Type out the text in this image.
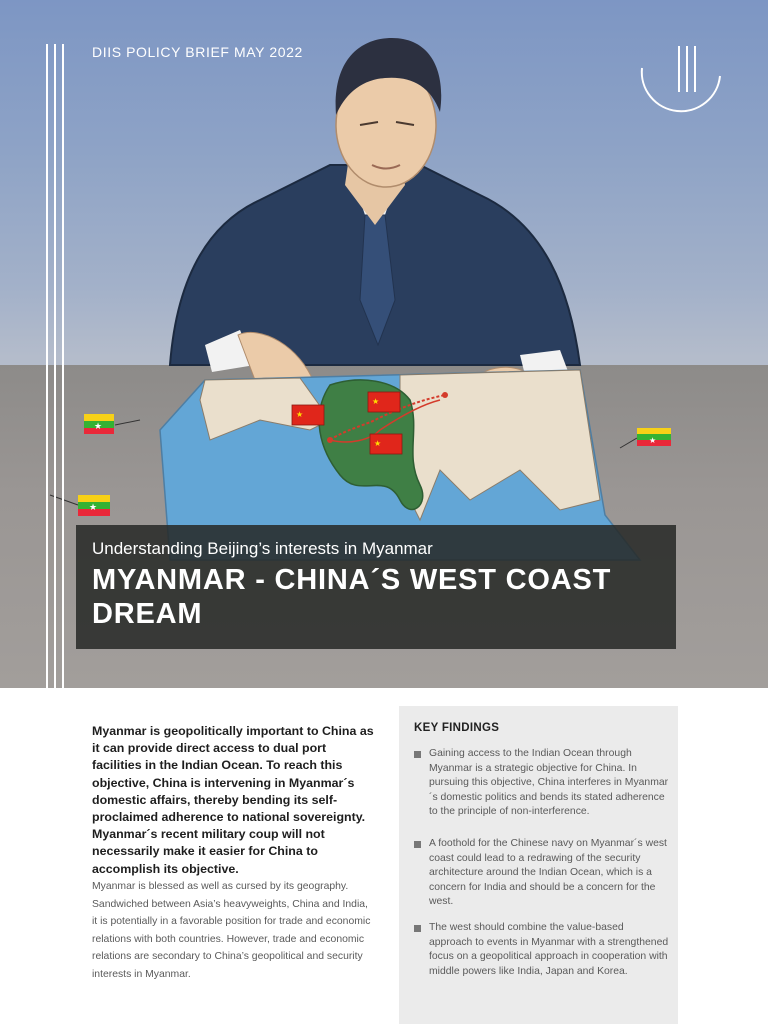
★
★
★
★
★
★
DIIS POLICY BRIEF MAY 2022
Understanding Beijing’s interests in Myanmar
MYANMAR - CHINA´S WEST COAST DREAM

Myanmar is geopolitically important to China as it can provide direct access to dual port facilities in the Indian Ocean. To reach this objective, China is intervening in Myanmar´s domestic affairs, thereby bending its self-proclaimed adherence to national sovereignty. Myanmar´s recent military coup will not necessarily make it easier for China to accomplish its objective.

Myanmar is blessed as well as cursed by its geography. Sandwiched between Asia’s heavyweights, China and India, it is potentially in a favorable position for trade and economic relations with both countries. However, trade and economic relations are secondary to China’s geopolitical and security interests in Myanmar.

KEY FINDINGS
Gaining access to the Indian Ocean through Myanmar is a strategic objective for China. In pursuing this objective, China interferes in Myanmar´s domestic politics and bends its stated adherence to the principle of non-interference.
A foothold for the Chinese navy on Myanmar´s west coast could lead to a redrawing of the security architecture around the Indian Ocean, which is a concern for India and should be a concern for the west.
The west should combine the value-based approach to events in Myanmar with a strengthened focus on a geopolitical approach in cooperation with middle powers like India, Japan and Korea.
